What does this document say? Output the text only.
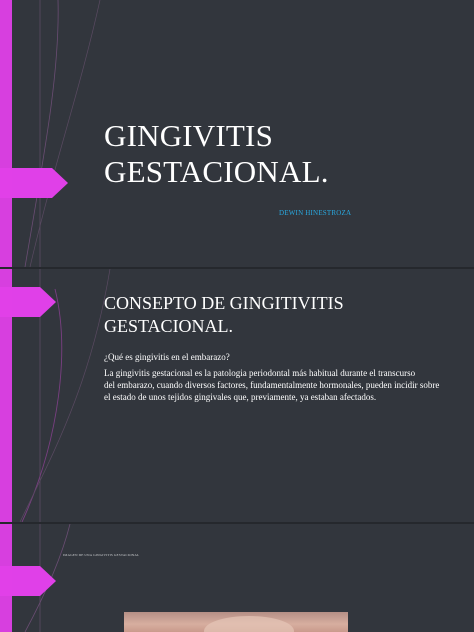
GINGIVITIS
GESTACIONAL.
DEWIN HINESTROZA
CONSEPTO DE GINGITIVITIS
GESTACIONAL.
¿Qué es gingivitis en el embarazo?
La gingivitis gestacional es la patologia periodontal más habitual durante el transcurso
del embarazo, cuando diversos factores, fundamentalmente hormonales, pueden incidir sobre
el estado de unos tejidos gingivales que, previamente, ya estaban afectados.
IMAGEN DE UNA GINGIVITIS GESTACIONAL
